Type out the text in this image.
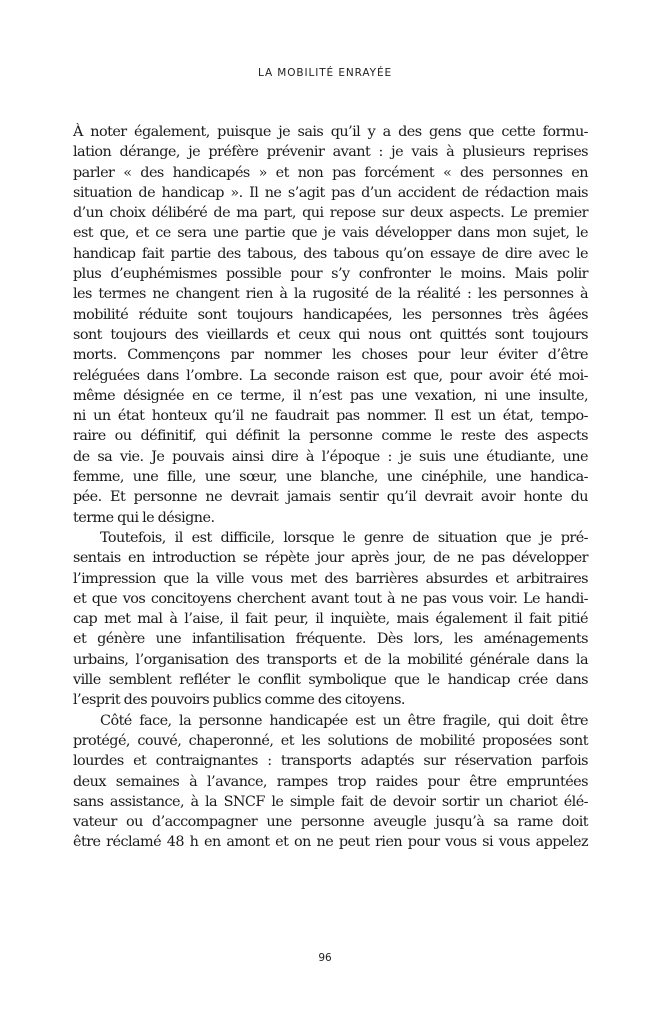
LA MOBILITÉ ENRAYÉE
À noter également, puisque je sais qu’il y a des gens que cette formu-
lation dérange, je préfère prévenir avant : je vais à plusieurs reprises
parler « des handicapés » et non pas forcément « des personnes en
situation de handicap ». Il ne s’agit pas d’un accident de rédaction mais
d’un choix délibéré de ma part, qui repose sur deux aspects. Le premier
est que, et ce sera une partie que je vais développer dans mon sujet, le
handicap fait partie des tabous, des tabous qu’on essaye de dire avec le
plus d’euphémismes possible pour s’y confronter le moins. Mais polir
les termes ne changent rien à la rugosité de la réalité : les personnes à
mobilité réduite sont toujours handicapées, les personnes très âgées
sont toujours des vieillards et ceux qui nous ont quittés sont toujours
morts. Commençons par nommer les choses pour leur éviter d’être
reléguées dans l’ombre. La seconde raison est que, pour avoir été moi-
même désignée en ce terme, il n’est pas une vexation, ni une insulte,
ni un état honteux qu’il ne faudrait pas nommer. Il est un état, tempo-
raire ou définitif, qui définit la personne comme le reste des aspects
de sa vie. Je pouvais ainsi dire à l’époque : je suis une étudiante, une
femme, une fille, une sœur, une blanche, une cinéphile, une handica-
pée. Et personne ne devrait jamais sentir qu’il devrait avoir honte du
terme qui le désigne.
Toutefois, il est difficile, lorsque le genre de situation que je pré-
sentais en introduction se répète jour après jour, de ne pas développer
l’impression que la ville vous met des barrières absurdes et arbitraires
et que vos concitoyens cherchent avant tout à ne pas vous voir. Le handi-
cap met mal à l’aise, il fait peur, il inquiète, mais également il fait pitié
et génère une infantilisation fréquente. Dès lors, les aménagements
urbains, l’organisation des transports et de la mobilité générale dans la
ville semblent refléter le conflit symbolique que le handicap crée dans
l’esprit des pouvoirs publics comme des citoyens.
Côté face, la personne handicapée est un être fragile, qui doit être
protégé, couvé, chaperonné, et les solutions de mobilité proposées sont
lourdes et contraignantes : transports adaptés sur réservation parfois
deux semaines à l’avance, rampes trop raides pour être empruntées
sans assistance, à la SNCF le simple fait de devoir sortir un chariot élé-
vateur ou d’accompagner une personne aveugle jusqu’à sa rame doit
être réclamé 48 h en amont et on ne peut rien pour vous si vous appelez
96
